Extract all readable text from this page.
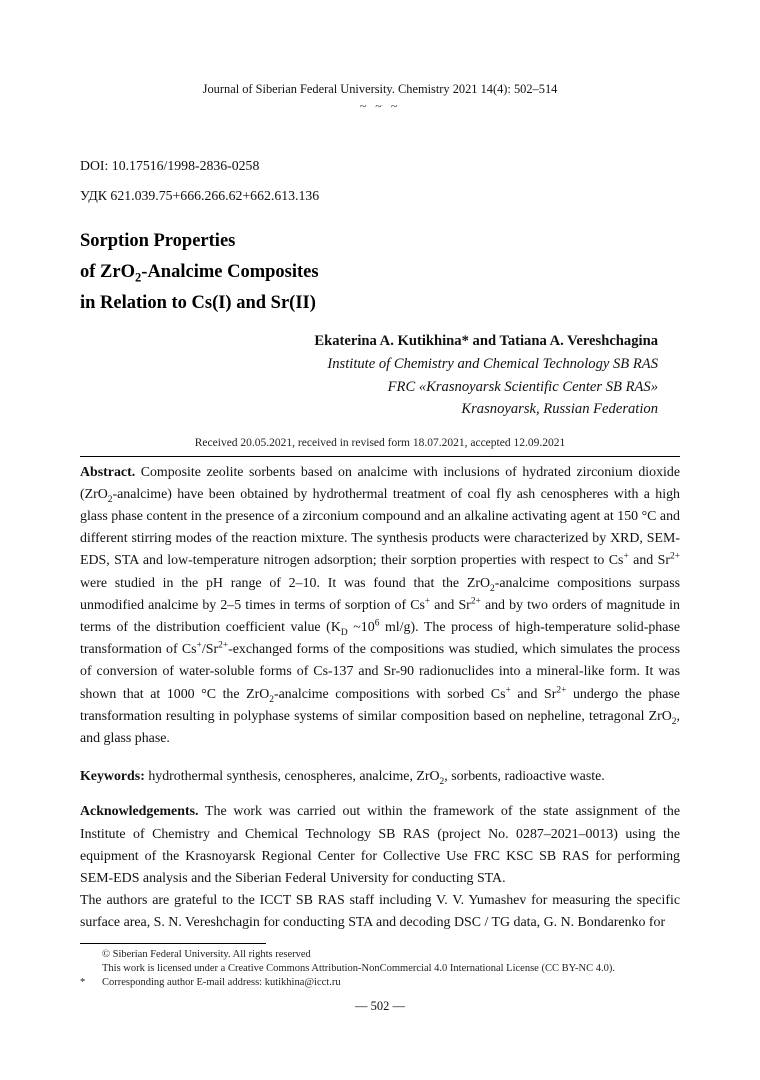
Journal of Siberian Federal University. Chemistry 2021 14(4): 502–514
~ ~ ~
DOI: 10.17516/1998-2836-0258
УДК 621.039.75+666.266.62+662.613.136
Sorption Properties
of ZrO$_2$-Analcime Composites
in Relation to Cs(I) and Sr(II)
Ekaterina A. Kutikhina* and Tatiana A. Vereshchagina
Institute of Chemistry and Chemical Technology SB RAS
FRC «Krasnoyarsk Scientific Center SB RAS»
Krasnoyarsk, Russian Federation
Received 20.05.2021, received in revised form 18.07.2021, accepted 12.09.2021

Abstract. Composite zeolite sorbents based on analcime with inclusions of hydrated zirconium dioxide (ZrO$_2$-analcime) have been obtained by hydrothermal treatment of coal fly ash cenospheres with a high glass phase content in the presence of a zirconium compound and an alkaline activating agent at 150 °C and different stirring modes of the reaction mixture. The synthesis products were characterized by XRD, SEM-EDS, STA and low-temperature nitrogen adsorption; their sorption properties with respect to Cs+ and $Sr^{2+}$ were studied in the pH range of 2–10. It was found that the ZrO$_2$-analcime compositions surpass unmodified analcime by 2–5 times in terms of sorption of Cs+ and $Sr^{2+}$ and by two orders of magnitude in terms of the distribution coefficient value ($K_D$ $\sim 10^6$ ml/g). The process of high-temperature solid-phase transformation of $Cs^+/Sr^{2+}$-exchanged forms of the compositions was studied, which simulates the process of conversion of water-soluble forms of Cs-137 and Sr-90 radionuclides into a mineral-like form. It was shown that at 1000 °C the ZrO$_2$-analcime compositions with sorbed Cs+ and $Sr^{2+}$ undergo the phase transformation resulting in polyphase systems of similar composition based on nepheline, tetragonal ZrO$_2$, and glass phase.

Keywords: hydrothermal synthesis, cenospheres, analcime, ZrO$_2$, sorbents, radioactive waste.

Acknowledgements. The work was carried out within the framework of the state assignment of the Institute of Chemistry and Chemical Technology SB RAS (project No. 0287–2021–0013) using the equipment of the Krasnoyarsk Regional Center for Collective Use FRC KSC SB RAS for performing SEM-EDS analysis and the Siberian Federal University for conducting STA.

The authors are grateful to the ICCT SB RAS staff including V. V. Yumashev for measuring the specific surface area, S. N. Vereshchagin for conducting STA and decoding DSC / TG data, G. N. Bondarenko for

© Siberian Federal University. All rights reserved
This work is licensed under a Creative Commons Attribution-NonCommercial 4.0 International License (CC BY-NC 4.0).
* Corresponding author E-mail address: kutikhina@icct.ru
— 502 —
